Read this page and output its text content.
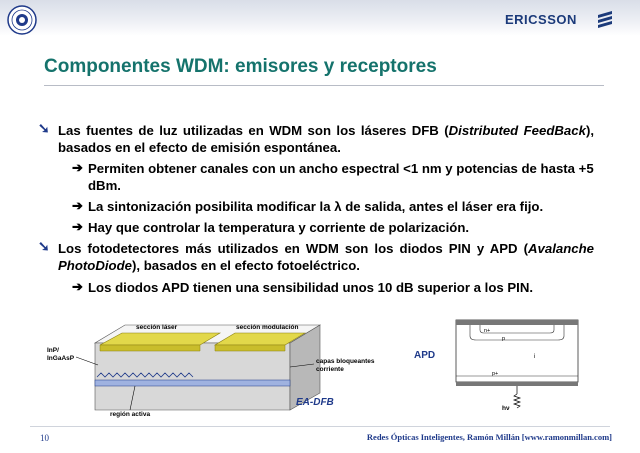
ERICSSON
Componentes WDM: emisores y receptores
➘ Las fuentes de luz utilizadas en WDM son los láseres DFB (Distributed FeedBack), basados en el efecto de emisión espontánea.
➔ Permiten obtener canales con un ancho espectral <1 nm y potencias de hasta +5 dBm.
➔ La sintonización posibilita modificar la λ de salida, antes el láser era fijo.
➔ Hay que controlar la temperatura y corriente de polarización.
➘ Los fotodetectores más utilizados en WDM son los diodos PIN y APD (Avalanche PhotoDiode), basados en el efecto fotoeléctrico.
➔ Los diodos APD tienen una sensibilidad unos 10 dB superior a los PIN.
sección láser	sección modulación
InP/
InGaAsP	capas bloqueantes
corriente
región activa
EA-DFB
APD
n+
p
i
p+
hν
10	Redes Ópticas Inteligentes, Ramón Millán [www.ramonmillan.com]
